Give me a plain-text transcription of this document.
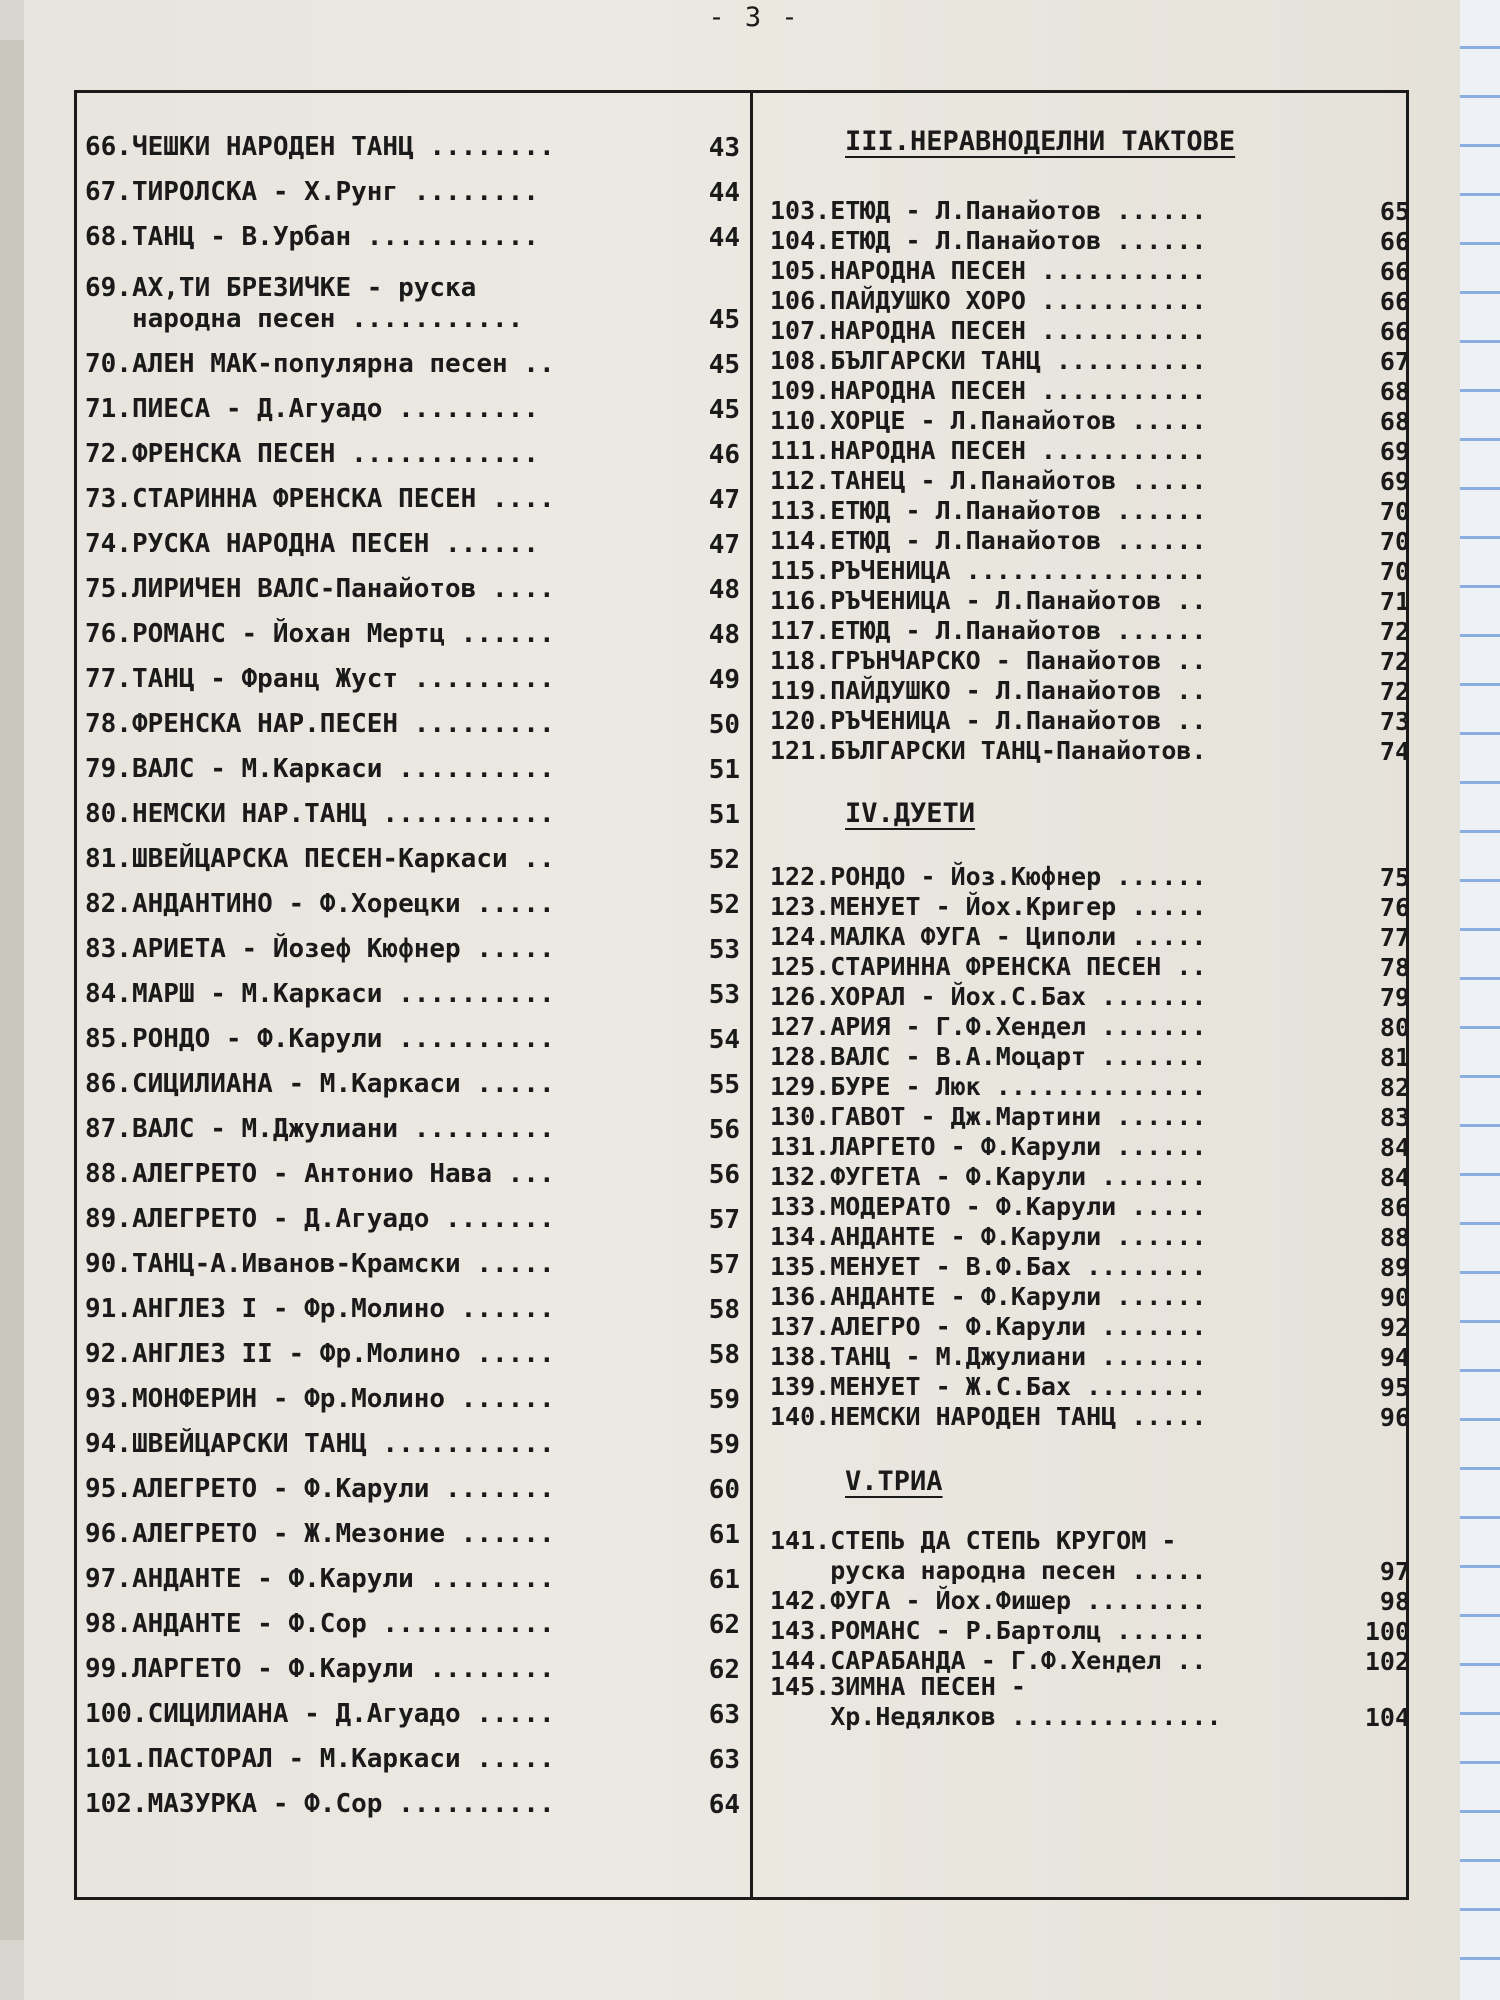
- 3 -
66.ЧЕШКИ НАРОДЕН ТАНЦ ........	43
67.ТИРОЛСКА - Х.Рунг ........	44
68.ТАНЦ - В.Урбан ...........	44
69.АХ,ТИ БРЕЗИЧКЕ - руска
народна песен ...........	45
70.АЛЕН МАК-популярна песен ..	45
71.ПИЕСА - Д.Агуадо .........	45
72.ФРЕНСКА ПЕСЕН ............	46
73.СТАРИННА ФРЕНСКА ПЕСЕН ....	47
74.РУСКА НАРОДНА ПЕСЕН ......	47
75.ЛИРИЧЕН ВАЛС-Панайотов ....	48
76.РОМАНС - Йохан Мертц ......	48
77.ТАНЦ - Франц Жуст .........	49
78.ФРЕНСКА НАР.ПЕСЕН .........	50
79.ВАЛС - М.Каркаси ..........	51
80.НЕМСКИ НАР.ТАНЦ ...........	51
81.ШВЕЙЦАРСКА ПЕСЕН-Каркаси ..	52
82.АНДАНТИНО - Ф.Хорецки .....	52
83.АРИЕТА - Йозеф Кюфнер .....	53
84.МАРШ - М.Каркаси ..........	53
85.РОНДО - Ф.Карули ..........	54
86.СИЦИЛИАНА - М.Каркаси .....	55
87.ВАЛС - М.Джулиани .........	56
88.АЛЕГРЕТО - Антонио Нава ...	56
89.АЛЕГРЕТО - Д.Агуадо .......	57
90.ТАНЦ-А.Иванов-Крамски .....	57
91.АНГЛЕЗ I - Фр.Молино ......	58
92.АНГЛЕЗ II - Фр.Молино .....	58
93.МОНФЕРИН - Фр.Молино ......	59
94.ШВЕЙЦАРСКИ ТАНЦ ...........	59
95.АЛЕГРЕТО - Ф.Карули .......	60
96.АЛЕГРЕТО - Ж.Мезоние ......	61
97.АНДАНТЕ - Ф.Карули ........	61
98.АНДАНТЕ - Ф.Сор ...........	62
99.ЛАРГЕТО - Ф.Карули ........	62
100.СИЦИЛИАНА - Д.Агуадо .....	63
101.ПАСТОРАЛ - М.Каркаси .....	63
102.МАЗУРКА - Ф.Сор ..........	64
III.НЕРАВНОДЕЛНИ ТАКТОВЕ
103.ЕТЮД - Л.Панайотов ......	65
104.ЕТЮД - Л.Панайотов ......	66
105.НАРОДНА ПЕСЕН ...........	66
106.ПАЙДУШКО ХОРО ...........	66
107.НАРОДНА ПЕСЕН ...........	66
108.БЪЛГАРСКИ ТАНЦ ..........	67
109.НАРОДНА ПЕСЕН ...........	68
110.ХОРЦЕ - Л.Панайотов .....	68
111.НАРОДНА ПЕСЕН ...........	69
112.ТАНЕЦ - Л.Панайотов .....	69
113.ЕТЮД - Л.Панайотов ......	70
114.ЕТЮД - Л.Панайотов ......	70
115.РЪЧЕНИЦА ................	70
116.РЪЧЕНИЦА - Л.Панайотов ..	71
117.ЕТЮД - Л.Панайотов ......	72
118.ГРЪНЧАРСКО - Панайотов ..	72
119.ПАЙДУШКО - Л.Панайотов ..	72
120.РЪЧЕНИЦА - Л.Панайотов ..	73
121.БЪЛГАРСКИ ТАНЦ-Панайотов.	74
IV.ДУЕТИ
122.РОНДО - Йоз.Кюфнер ......	75
123.МЕНУЕТ - Йох.Кригер .....	76
124.МАЛКА ФУГА - Циполи .....	77
125.СТАРИННА ФРЕНСКА ПЕСЕН ..	78
126.ХОРАЛ - Йох.С.Бах .......	79
127.АРИЯ - Г.Ф.Хендел .......	80
128.ВАЛС - В.А.Моцарт .......	81
129.БУРЕ - Люк ..............	82
130.ГАВОТ - Дж.Мартини ......	83
131.ЛАРГЕТО - Ф.Карули ......	84
132.ФУГЕТА - Ф.Карули .......	84
133.МОДЕРАТО - Ф.Карули .....	86
134.АНДАНТЕ - Ф.Карули ......	88
135.МЕНУЕТ - В.Ф.Бах ........	89
136.АНДАНТЕ - Ф.Карули ......	90
137.АЛЕГРО - Ф.Карули .......	92
138.ТАНЦ - М.Джулиани .......	94
139.МЕНУЕТ - Ж.С.Бах ........	95
140.НЕМСКИ НАРОДЕН ТАНЦ .....	96
V.ТРИА
141.СТЕПЬ ДА СТЕПЬ КРУГОМ -
руска народна песен .....	97
142.ФУГА - Йох.Фишер ........	98
143.РОМАНС - Р.Бартолц ......	100
144.САРАБАНДА - Г.Ф.Хендел ..	102
145.ЗИМНА ПЕСЕН -
Хр.Недялков ..............	104
